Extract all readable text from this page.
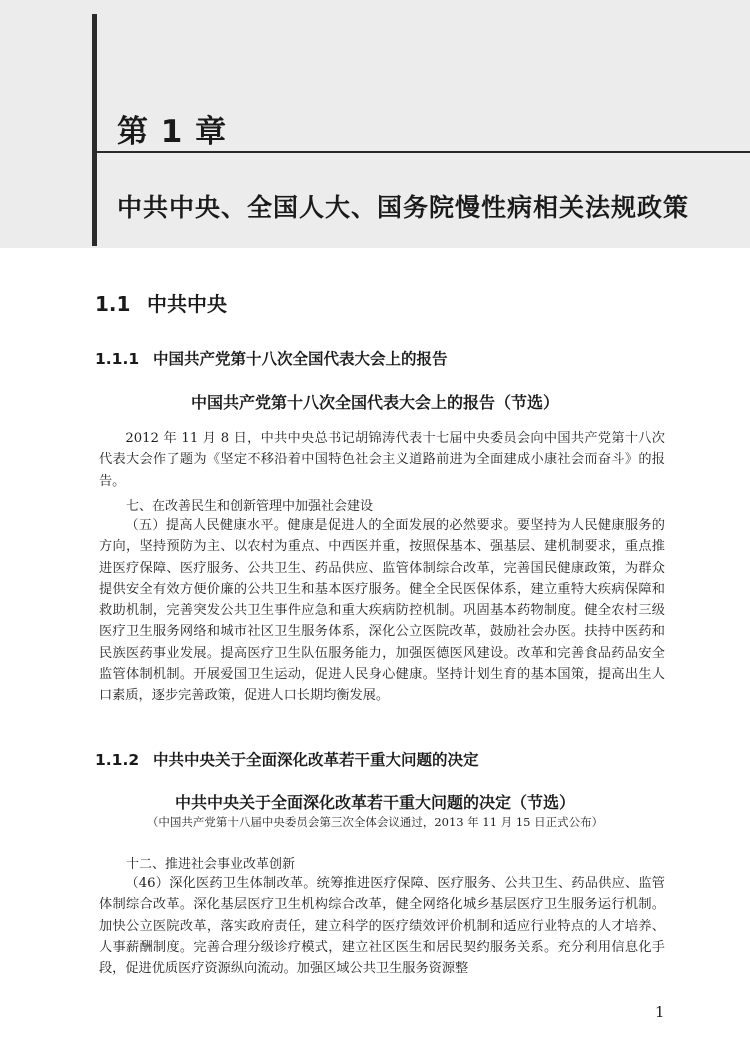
第 1 章
中共中央、全国人大、国务院慢性病相关法规政策
1.1 中共中央
1.1.1 中国共产党第十八次全国代表大会上的报告
中国共产党第十八次全国代表大会上的报告（节选）
2012 年 11 月 8 日，中共中央总书记胡锦涛代表十七届中央委员会向中国共产党第十八次代表大会作了题为《坚定不移沿着中国特色社会主义道路前进为全面建成小康社会而奋斗》的报告。
七、在改善民生和创新管理中加强社会建设
（五）提高人民健康水平。健康是促进人的全面发展的必然要求。要坚持为人民健康服务的方向，坚持预防为主、以农村为重点、中西医并重，按照保基本、强基层、建机制要求，重点推进医疗保障、医疗服务、公共卫生、药品供应、监管体制综合改革，完善国民健康政策，为群众提供安全有效方便价廉的公共卫生和基本医疗服务。健全全民医保体系，建立重特大疾病保障和救助机制，完善突发公共卫生事件应急和重大疾病防控机制。巩固基本药物制度。健全农村三级医疗卫生服务网络和城市社区卫生服务体系，深化公立医院改革，鼓励社会办医。扶持中医药和民族医药事业发展。提高医疗卫生队伍服务能力，加强医德医风建设。改革和完善食品药品安全监管体制机制。开展爱国卫生运动，促进人民身心健康。坚持计划生育的基本国策，提高出生人口素质，逐步完善政策，促进人口长期均衡发展。
1.1.2 中共中央关于全面深化改革若干重大问题的决定
中共中央关于全面深化改革若干重大问题的决定（节选）
（中国共产党第十八届中央委员会第三次全体会议通过，2013 年 11 月 15 日正式公布）
十二、推进社会事业改革创新
（46）深化医药卫生体制改革。统筹推进医疗保障、医疗服务、公共卫生、药品供应、监管体制综合改革。深化基层医疗卫生机构综合改革，健全网络化城乡基层医疗卫生服务运行机制。加快公立医院改革，落实政府责任，建立科学的医疗绩效评价机制和适应行业特点的人才培养、人事薪酬制度。完善合理分级诊疗模式，建立社区医生和居民契约服务关系。充分利用信息化手段，促进优质医疗资源纵向流动。加强区域公共卫生服务资源整
1
